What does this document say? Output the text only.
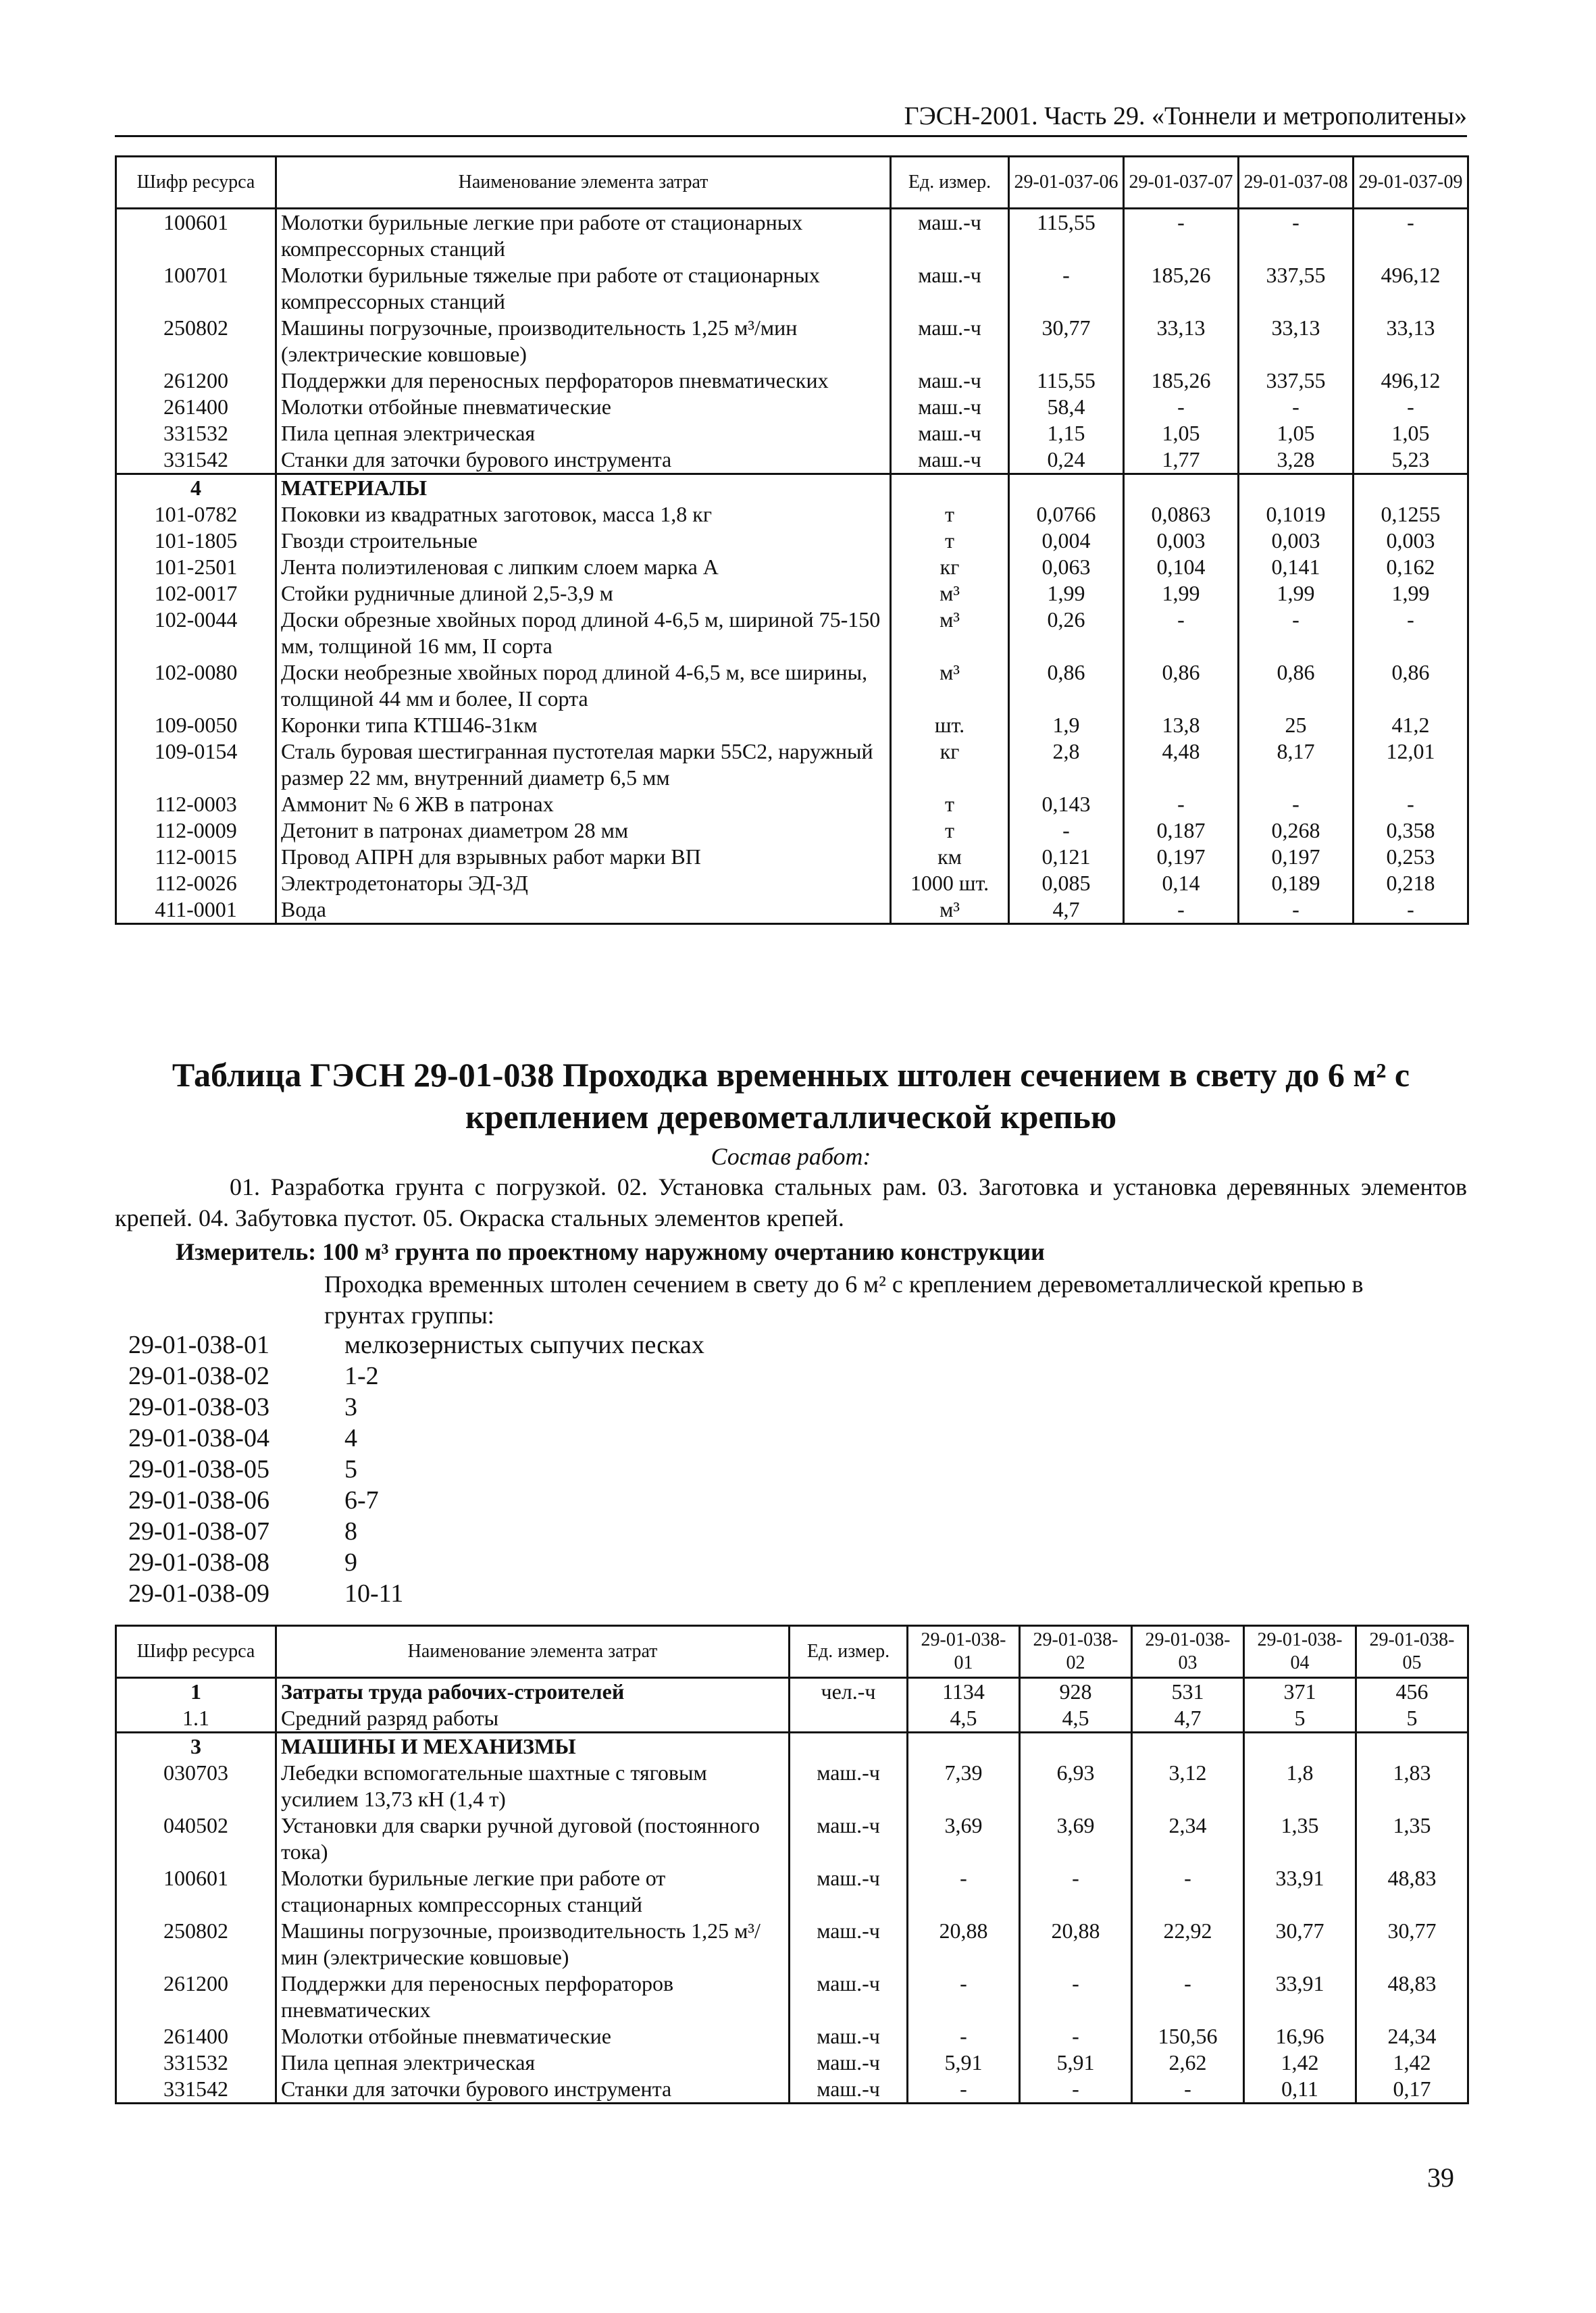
ГЭСН-2001. Часть 29. «Тоннели и метрополитены»
Шифр ресурса	Наименование элемента затрат	Ед. измер.	29-01-037-06	29-01-037-07	29-01-037-08	29-01-037-09
100601	Молотки бурильные легкие при работе от стационарных компрессорных станций	маш.-ч	115,55	-	-	-
100701	Молотки бурильные тяжелые при работе от стационарных компрессорных станций	маш.-ч	-	185,26	337,55	496,12
250802	Машины погрузочные, производительность 1,25 м³/мин (электрические ковшовые)	маш.-ч	30,77	33,13	33,13	33,13
261200	Поддержки для переносных перфораторов пневматических	маш.-ч	115,55	185,26	337,55	496,12
261400	Молотки отбойные пневматические	маш.-ч	58,4	-	-	-
331532	Пила цепная электрическая	маш.-ч	1,15	1,05	1,05	1,05
331542	Станки для заточки бурового инструмента	маш.-ч	0,24	1,77	3,28	5,23
4	МАТЕРИАЛЫ					
101-0782	Поковки из квадратных заготовок, масса 1,8 кг	т	0,0766	0,0863	0,1019	0,1255
101-1805	Гвозди строительные	т	0,004	0,003	0,003	0,003
101-2501	Лента полиэтиленовая с липким слоем марка А	кг	0,063	0,104	0,141	0,162
102-0017	Стойки рудничные длиной 2,5-3,9 м	м³	1,99	1,99	1,99	1,99
102-0044	Доски обрезные хвойных пород длиной 4-6,5 м, шириной 75-150 мм, толщиной 16 мм, II сорта	м³	0,26	-	-	-
102-0080	Доски необрезные хвойных пород длиной 4-6,5 м, все ширины, толщиной 44 мм и более, II сорта	м³	0,86	0,86	0,86	0,86
109-0050	Коронки типа КТШ46-31км	шт.	1,9	13,8	25	41,2
109-0154	Сталь буровая шестигранная пустотелая марки 55С2, наружный размер 22 мм, внутренний диаметр 6,5 мм	кг	2,8	4,48	8,17	12,01
112-0003	Аммонит № 6 ЖВ в патронах	т	0,143	-	-	-
112-0009	Детонит в патронах диаметром 28 мм	т	-	0,187	0,268	0,358
112-0015	Провод АПРН для взрывных работ марки ВП	км	0,121	0,197	0,197	0,253
112-0026	Электродетонаторы ЭД-3Д	1000 шт.	0,085	0,14	0,189	0,218
411-0001	Вода	м³	4,7	-	-	-
Таблица ГЭСН 29-01-038 Проходка временных штолен сечением в свету до 6 м² с креплением деревометаллической крепью
Состав работ:

01. Разработка грунта с погрузкой. 02. Установка стальных рам. 03. Заготовка и установка деревянных элементов крепей. 04. Забутовка пустот. 05. Окраска стальных элементов крепей.

Измеритель: 100 м³ грунта по проектному наружному очертанию конструкции

Проходка временных штолен сечением в свету до 6 м² с креплением деревометаллической крепью в грунтах группы:

29-01-038-01	мелкозернистых сыпучих песках
29-01-038-02	1-2
29-01-038-03	3
29-01-038-04	4
29-01-038-05	5
29-01-038-06	6-7
29-01-038-07	8
29-01-038-08	9
29-01-038-09	10-11
Шифр ресурса	Наименование элемента затрат	Ед. измер.	29-01-038-01	29-01-038-02	29-01-038-03	29-01-038-04	29-01-038-05
1	Затраты труда рабочих-строителей	чел.-ч	1134	928	531	371	456
1.1	Средний разряд работы		4,5	4,5	4,7	5	5
3	МАШИНЫ И МЕХАНИЗМЫ						
030703	Лебедки вспомогательные шахтные с тяговым усилием 13,73 кН (1,4 т)	маш.-ч	7,39	6,93	3,12	1,8	1,83
040502	Установки для сварки ручной дуговой (постоянного тока)	маш.-ч	3,69	3,69	2,34	1,35	1,35
100601	Молотки бурильные легкие при работе от стационарных компрессорных станций	маш.-ч	-	-	-	33,91	48,83
250802	Машины погрузочные, производительность 1,25 м³/мин (электрические ковшовые)	маш.-ч	20,88	20,88	22,92	30,77	30,77
261200	Поддержки для переносных перфораторов пневматических	маш.-ч	-	-	-	33,91	48,83
261400	Молотки отбойные пневматические	маш.-ч	-	-	150,56	16,96	24,34
331532	Пила цепная электрическая	маш.-ч	5,91	5,91	2,62	1,42	1,42
331542	Станки для заточки бурового инструмента	маш.-ч	-	-	-	0,11	0,17
39
